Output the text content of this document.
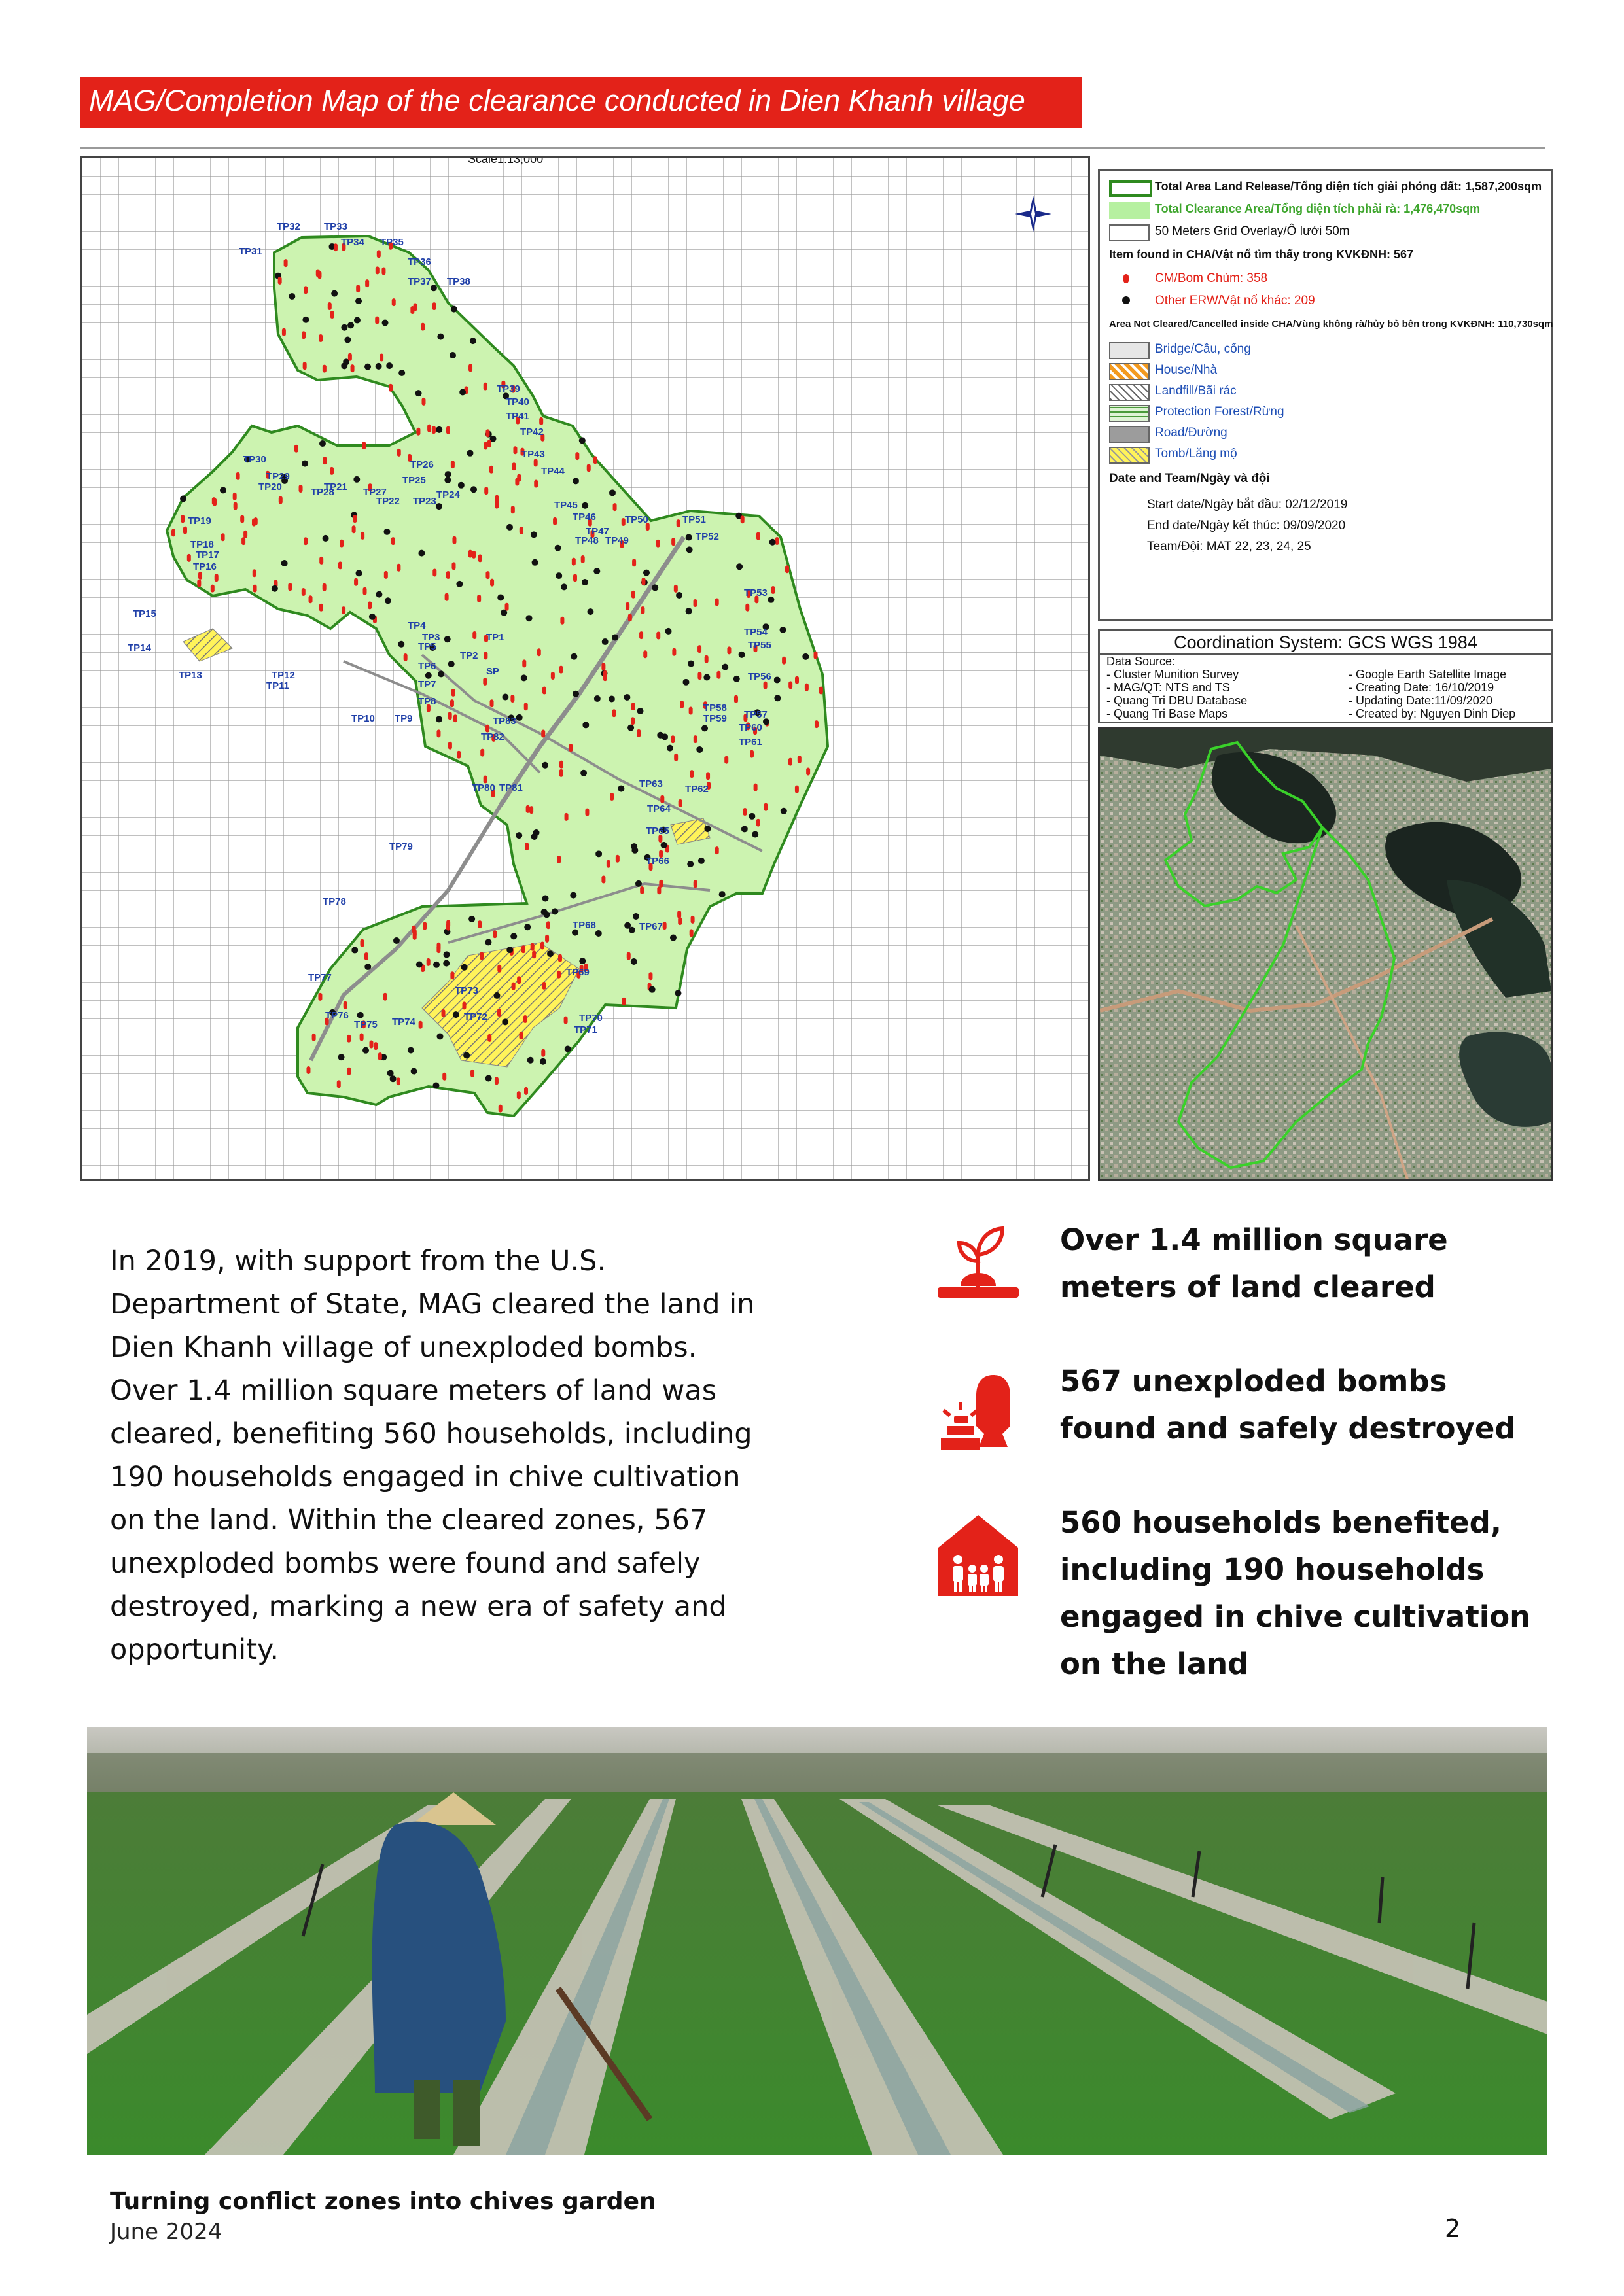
MAG/Completion Map of the clearance conducted in Dien Khanh village
Scale1:13,000
TP1
TP2
TP3
TP4
TP5
TP6
TP7
TP8
TP9
TP10
TP11
TP12
TP13
TP14
TP15
TP16
TP17
TP18
TP19
TP20	TP21
TP22 TP23
TP24
TP25
TP26
TP27
TP28
TP29
TP30
TP31
TP32 TP33
TP34 TP35
TP36
TP37 TP38
TP39
TP40
TP41
TP42
TP43
TP44
TP45
TP46
TP47
TP48 TP49
TP50	TP51
TP52
TP53
TP54
TP55
TP56
TP57
TP58
TP59
TP60
TP61
TP62
TP63
TP64
TP65
TP66
TP67
TP68
TP69
TP70
TP71
TP72
TP73
TP74
TP75
TP76
TP77
TP78
TP79
TP80 TP81
TP82
TP83
SP
Total Area Land Release/Tổng diện tích giải phóng đất: 1,587,200sqm
Total Clearance Area/Tổng diện tích phải rà: 1,476,470sqm
50 Meters Grid Overlay/Ô lưới 50m
Item found in CHA/Vật nổ tìm thấy trong KVKĐNH: 567
CM/Bom Chùm: 358
Other ERW/Vật nổ khác: 209
Area Not Cleared/Cancelled inside CHA/Vùng không rà/hủy bỏ bên trong KVKĐNH: 110,730sqm
Bridge/Cầu, cống
House/Nhà
Landfill/Bãi rác
Protection Forest/Rừng
Road/Đường
Tomb/Lăng mộ
Date and Team/Ngày và đội
Start date/Ngày bắt đầu: 02/12/2019
End date/Ngày kết thúc: 09/09/2020
Team/Đội: MAT 22, 23, 24, 25
Coordination System: GCS WGS 1984
Data Source:
- Cluster Munition Survey
- MAG/QT: NTS and TS
- Quang Tri DBU Database
- Quang Tri Base Maps

- Google Earth Satellite Image
- Creating Date: 16/10/2019
- Updating Date:11/09/2020
- Created by: Nguyen Dinh Diep
In 2019, with support from the U.S. Department of State, MAG cleared the land in Dien Khanh village of unexploded bombs. Over 1.4 million square meters of land was cleared, benefiting 560 households, including 190 households engaged in chive cultivation on the land. Within the cleared zones, 567 unexploded bombs were found and safely destroyed, marking a new era of safety and opportunity.
Over 1.4 million square meters of land cleared
567 unexploded bombs found and safely destroyed
560 households benefited, including 190 households engaged in chive cultivation on the land
Turning conflict zones into chives garden
June 2024	2
